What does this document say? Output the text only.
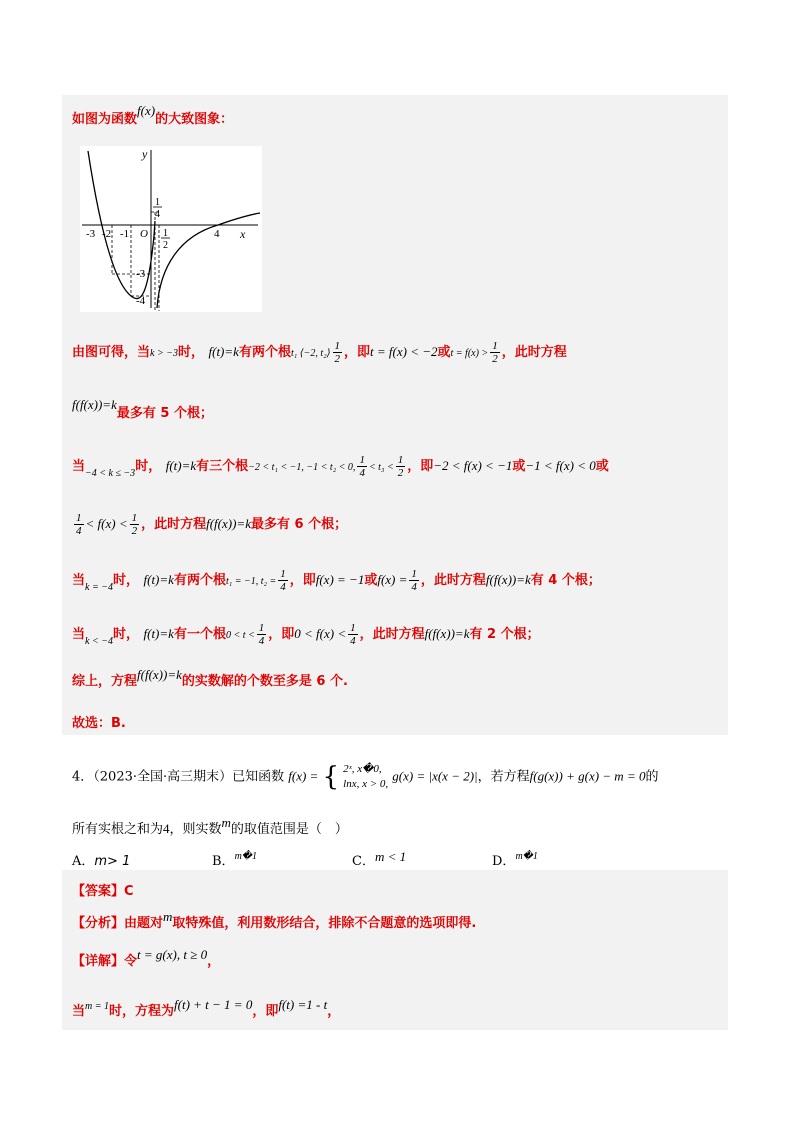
如图为函数f(x)的大致图象：
y
x
O
-3 -2 -1	4
-3
-4
1
4
1
2
由图可得，当k > −3时， f(t)=k有两个根t₁ ⟨−2, t₂⟩ $\frac{1}{2}$ ，即t = f(x) < −2或$t = f(x) > \frac{1}{2}$ ，此时方程
f(f(x))=k最多有 5 个根；
当$_{-4 < k \le -3}$时， f(t)=k有三个根−2 < t₁ < −1, −1 < t₂ < 0, $\frac{1}{4} < t_3 < \frac{1}{2}$ ，即−2 < f(x) < −1或−1 < f(x) < 0或
$\frac{1}{4} < f(x) < \frac{1}{2}$ ，此时方程f(f(x))=k最多有 6 个根；
当$_{k = -4}$时， f(t)=k有两个根t₁ = −1, $t_2 = \frac{1}{4}$ ，即f(x) = −1或$f(x) = \frac{1}{4}$ ，此时方程f(f(x))=k有 4 个根；
当$_{k < -4}$时， f(t)=k有一个根$0 < t < \frac{1}{4}$ ，即$0 < f(x) < \frac{1}{4}$ ，此时方程f(f(x))=k有 2 个根；
综上，方程f(f(x))=k的实数解的个数至多是 6 个.
故选：B.
4．（2023·全国·高三期末）已知函数 f(x) = { 2ˣ, x�0,
lnx, x > 0,
g(x) = |x(x − 2)|，若方程f(g(x)) + g(x) − m = 0的
所有实根之和为4，则实数m的取值范围是（　）
A．m> 1	B．$^{m�1}$	C．m < 1	D．$^{m�1}$
【答案】C
【分析】由题对m取特殊值，利用数形结合，排除不合题意的选项即得.
【详解】令t = g(x), t ≥ 0，
当$^{m = 1}$时，方程为f(t) + t − 1 = 0，即f(t) =1 - t，
